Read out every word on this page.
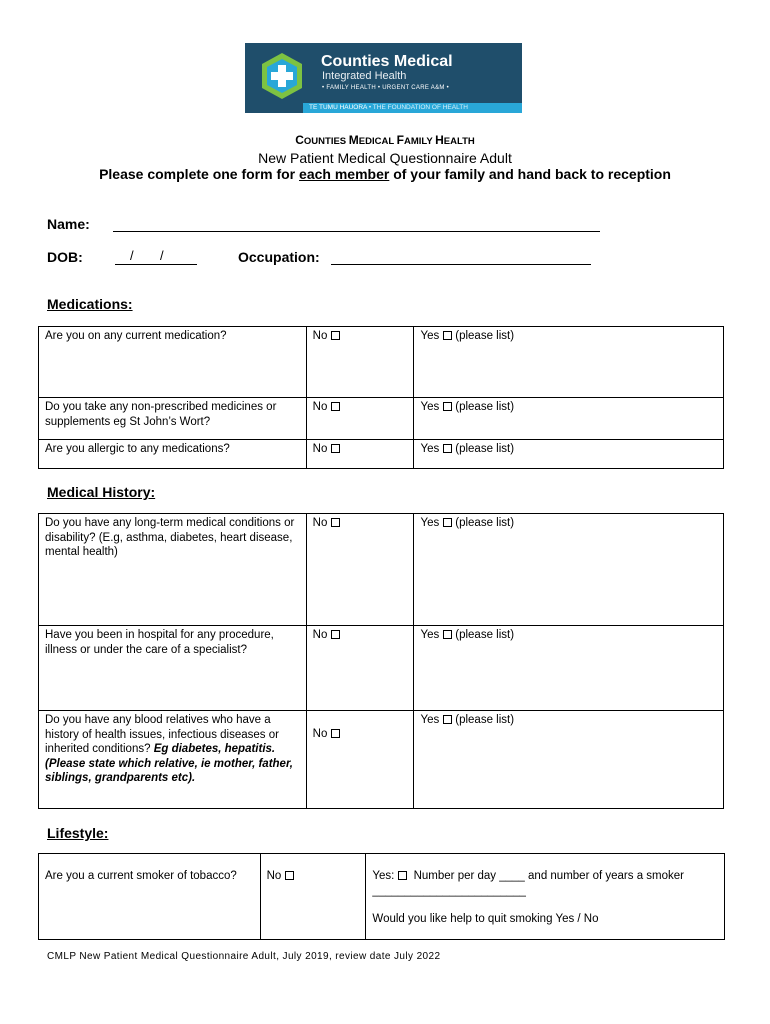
Counties Medical
Integrated Health
• FAMILY HEALTH • URGENT CARE A&M •
TE TUMU HAUORA • THE FOUNDATION OF HEALTH
COUNTIES MEDICAL FAMILY HEALTH
New Patient Medical Questionnaire Adult
Please complete one form for each member of your family and hand back to reception
Name:
DOB:	/ /	Occupation:
Medications:
Are you on any current medication?	No	Yes (please list)
Do you take any non-prescribed medicines or supplements eg St John’s Wort?	No	Yes (please list)
Are you allergic to any medications?	No	Yes (please list)
Medical History:
Do you have any long-term medical conditions or disability? (E.g, asthma, diabetes, heart disease, mental health)	No	Yes (please list)
Have you been in hospital for any procedure, illness or under the care of a specialist?	No	Yes (please list)
Do you have any blood relatives who have a history of health issues, infectious diseases or inherited conditions? Eg diabetes, hepatitis. (Please state which relative, ie mother, father, siblings, grandparents etc).	No	Yes (please list)
Lifestyle:
Are you a current smoker of tobacco?	No	Yes: Number per day ____ and number of years a smoker ________________________
Would you like help to quit smoking Yes / No
CMLP New Patient Medical Questionnaire Adult, July 2019, review date July 2022
